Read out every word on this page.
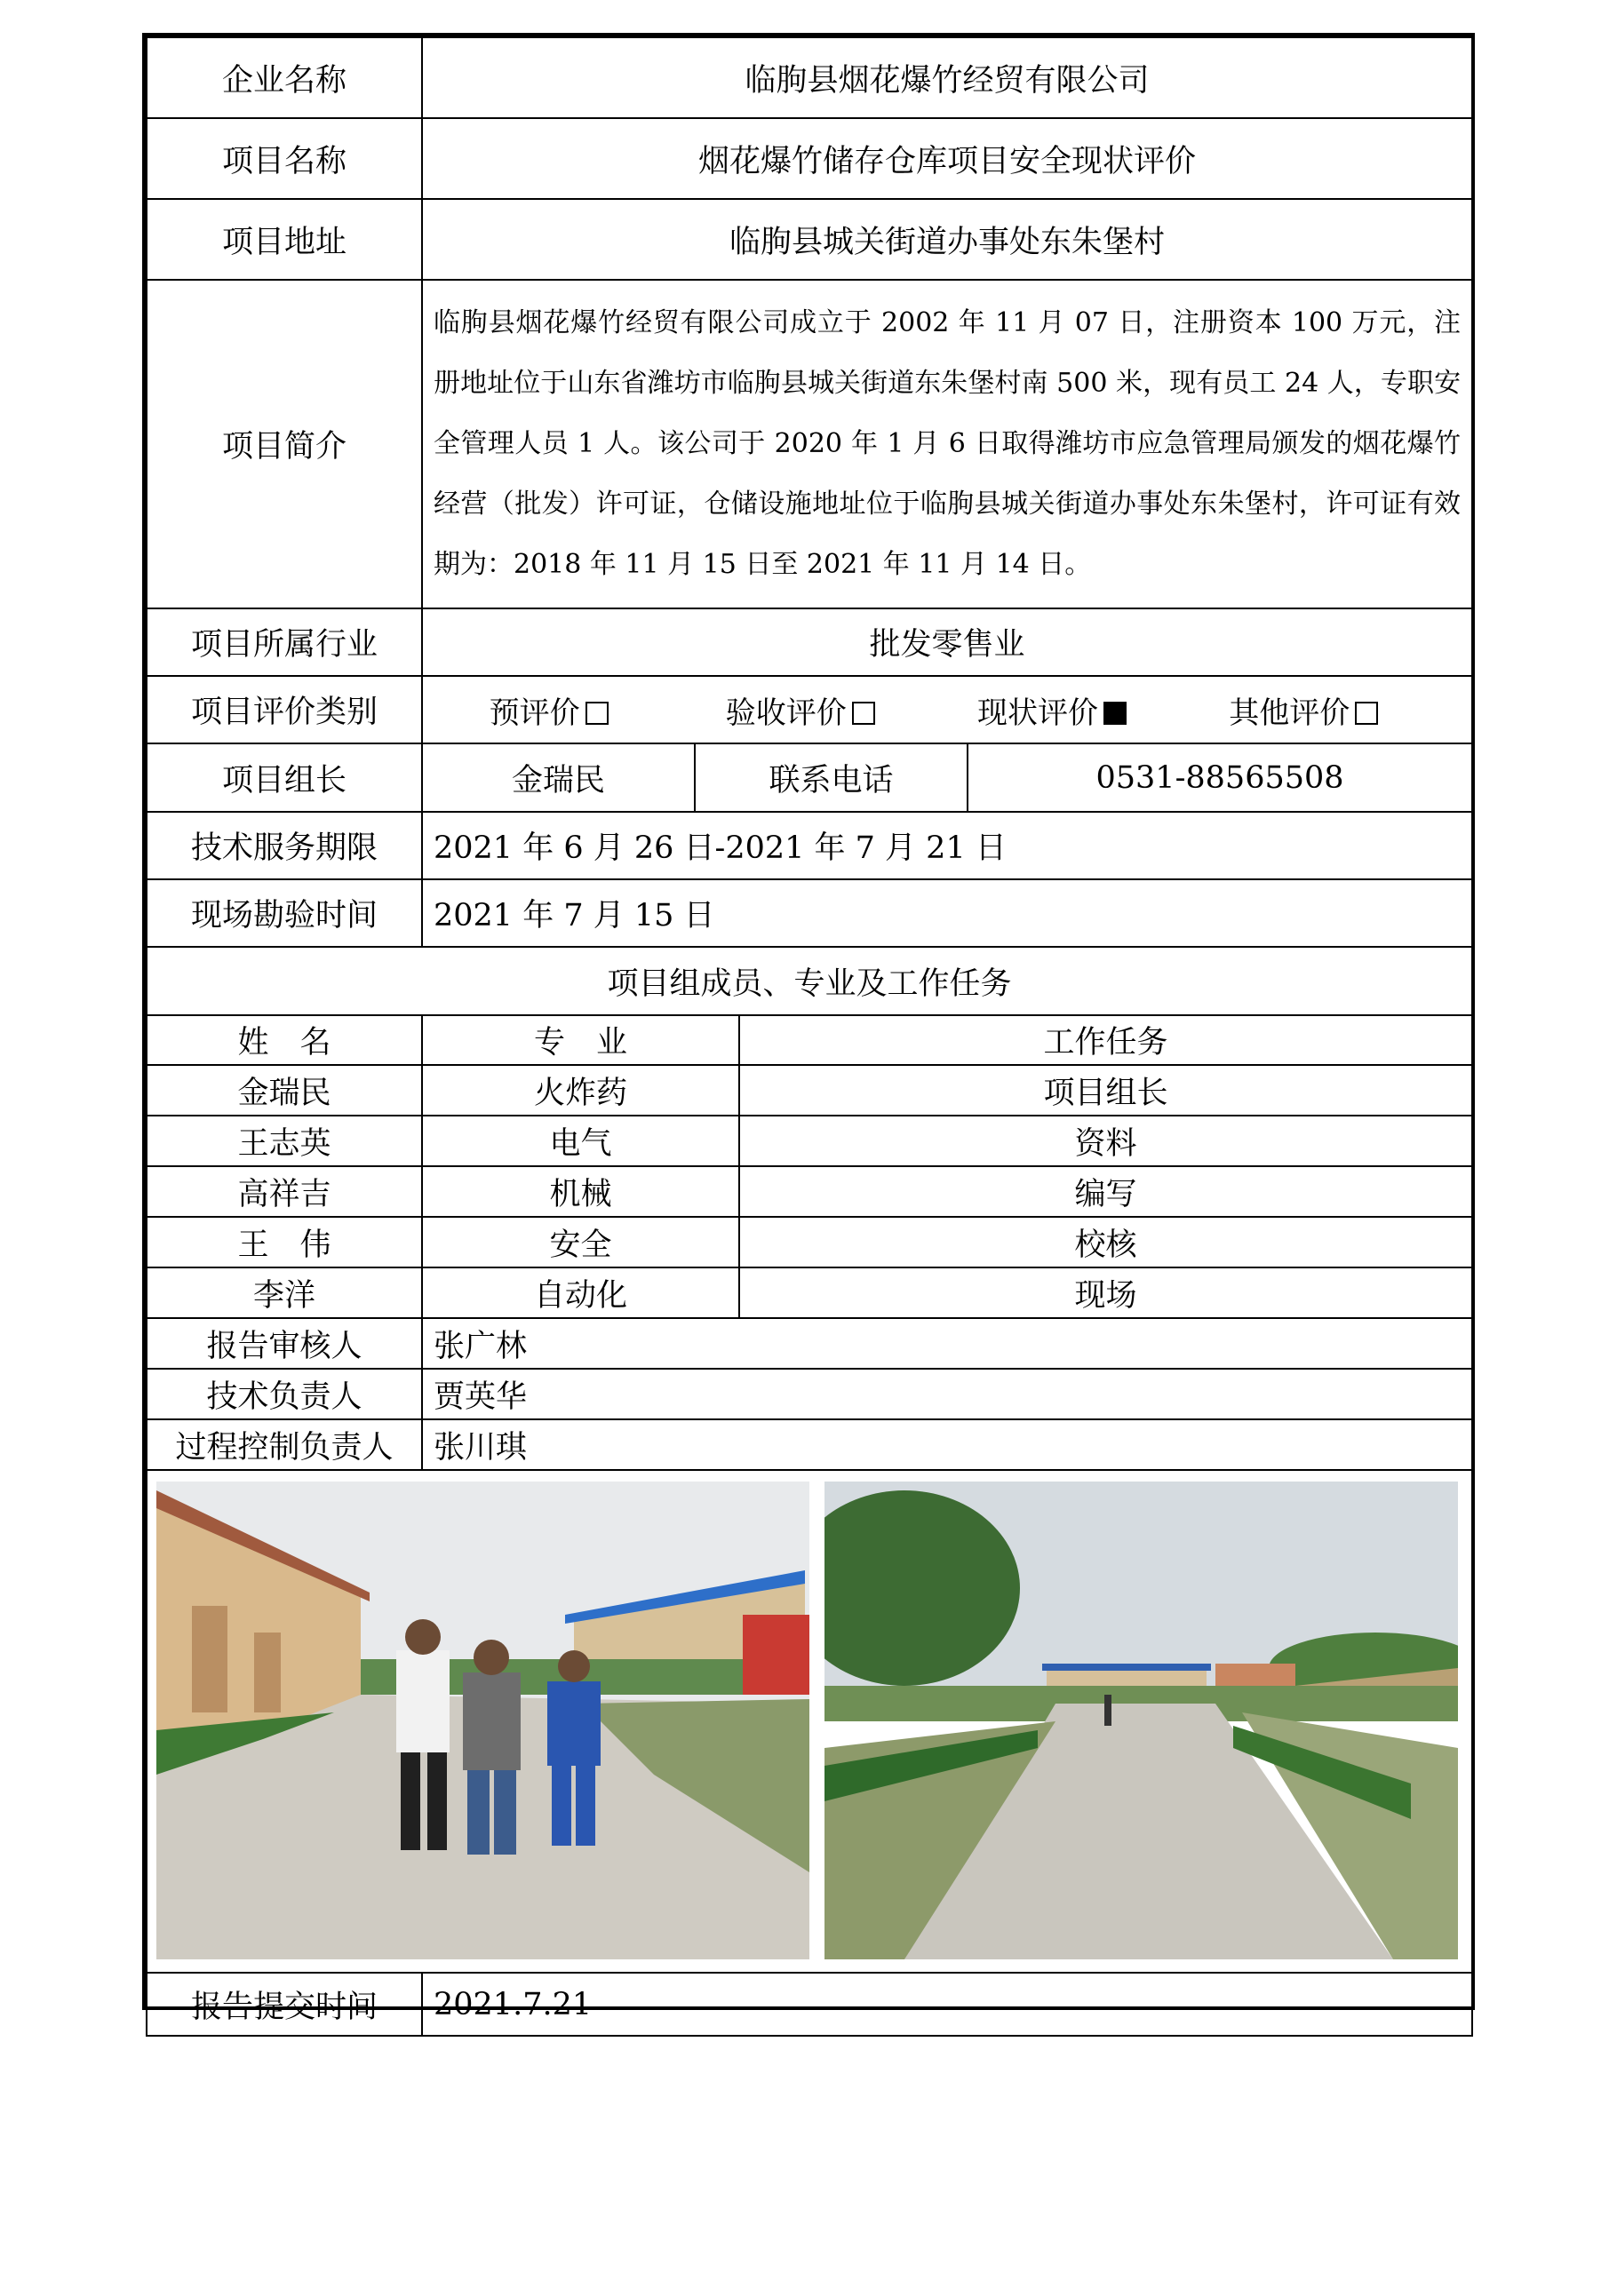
企业名称	临朐县烟花爆竹经贸有限公司			
项目名称	烟花爆竹储存仓库项目安全现状评价			
项目地址	临朐县城关街道办事处东朱堡村			
项目简介	临朐县烟花爆竹经贸有限公司成立于 2002 年 11 月 07 日，注册资本 100 万元，注册地址位于山东省潍坊市临朐县城关街道东朱堡村南 500 米，现有员工 24 人，专职安全管理人员 1 人。该公司于 2020 年 1 月 6 日取得潍坊市应急管理局颁发的烟花爆竹经营（批发）许可证，仓储设施地址位于临朐县城关街道办事处东朱堡村，许可证有效期为：2018 年 11 月 15 日至 2021 年 11 月 14 日。			
项目所属行业	批发零售业			
项目评价类别	预评价 验收评价 现状评价 其他评价			
项目组长	金瑞民	联系电话		0531-88565508
技术服务期限	2021 年 6 月 26 日-2021 年 7 月 21 日			
现场勘验时间	2021 年 7 月 15 日			
项目组成员、专业及工作任务				
姓　名	专　业		工作任务	
金瑞民	火炸药		项目组长	
王志英	电气		资料	
高祥吉	机械		编写	
王　伟	安全		校核	
李洋	自动化		现场	
报告审核人	张广林			
技术负责人	贾英华			
过程控制负责人	张川琪			

报告提交时间	2021.7.21			
